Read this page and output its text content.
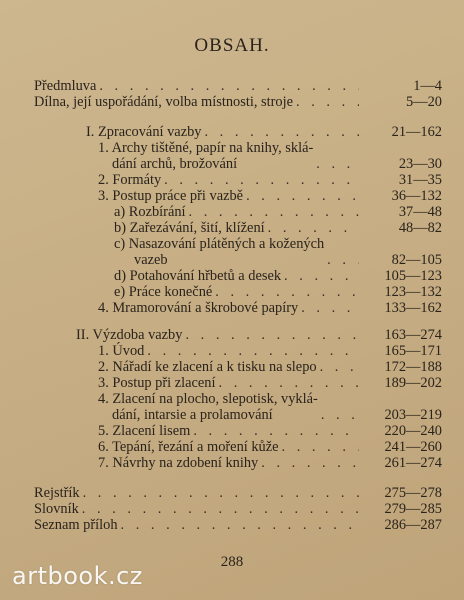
OBSAH.
Předmluva . . .	1—4
Dílna, její uspořádání, volba místnosti, stroje . . .	5—20
I. Zpracování vazby . . .	21—162
1. Archy tištěné, papír na knihy, sklá-
dání archů, brožování . . .	23—30
2. Formáty . . .	31—35
3. Postup práce při vazbě . . .	36—132
a) Rozbírání . . .	37—48
b) Zařezávání, šití, klížení . . .	48—82
c) Nasazování plátěných a kožených
vazeb . . .	82—105
d) Potahování hřbetů a desek . . .	105—123
e) Práce konečné . . .	123—132
4. Mramorování a škrobové papíry . . .	133—162
II. Výzdoba vazby . . .	163—274
1. Úvod . . .	165—171
2. Nářadí ke zlacení a k tisku na slepo . . .	172—188
3. Postup při zlacení . . .	189—202
4. Zlacení na plocho, slepotisk, vyklá-
dání, intarsie a prolamování . . .	203—219
5. Zlacení lisem . . .	220—240
6. Tepání, řezání a moření kůže . . .	241—260
7. Návrhy na zdobení knihy . . .	261—274
Rejstřík . . .	275—278
Slovník . . .	279—285
Seznam příloh . . .	286—287
288
artbook.cz
